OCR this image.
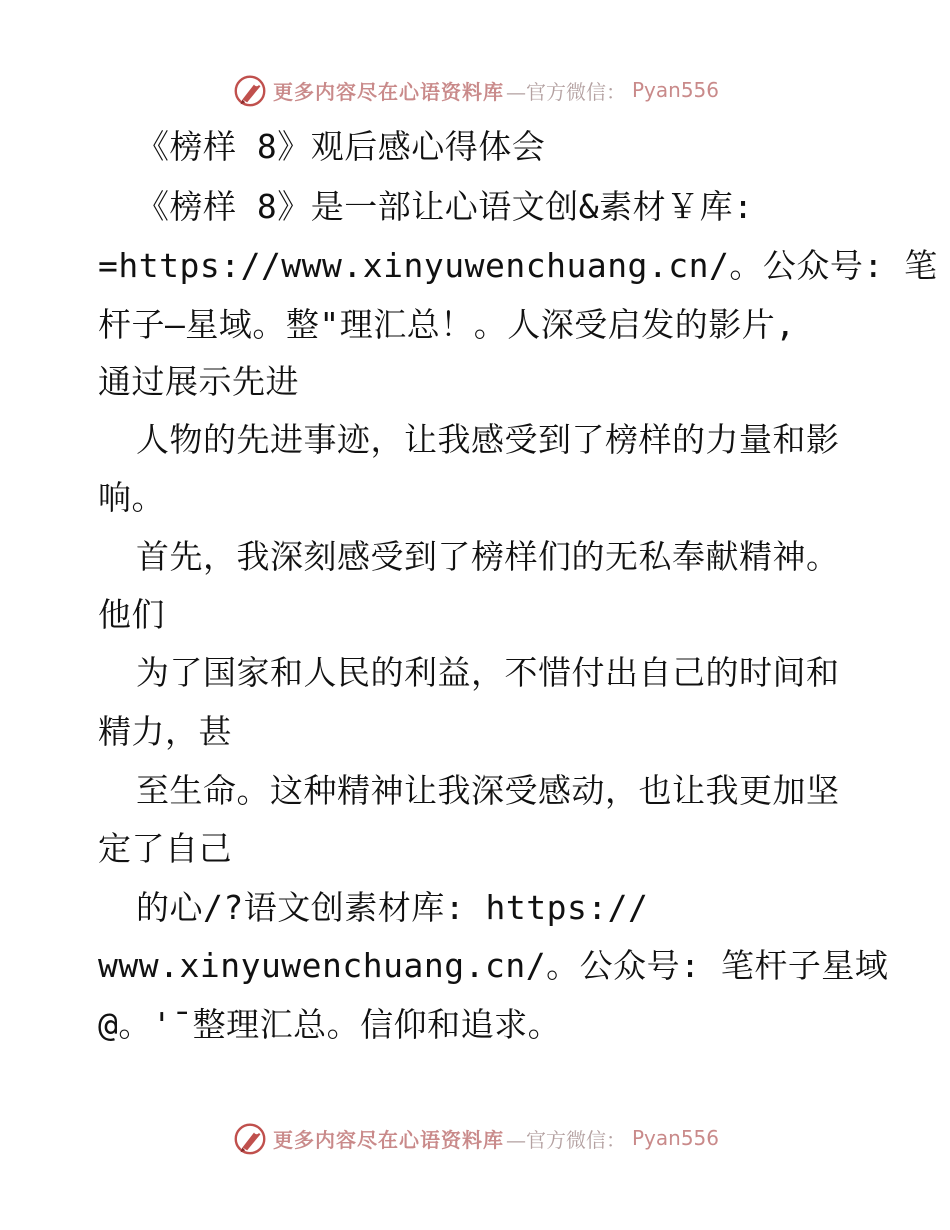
更多内容尽在心语资料库 —官方微信： Pyan556
《榜样 8》观后感心得体会
《榜样 8》是一部让心语文创&素材￥库:
=https://www.xinyuwenchuang.cn/。公众号: 笔
杆子—星域。整"理汇总！。人深受启发的影片,
通过展示先进
人物的先进事迹，让我感受到了榜样的力量和影
响。
首先，我深刻感受到了榜样们的无私奉献精神。
他们
为了国家和人民的利益，不惜付出自己的时间和
精力，甚
至生命。这种精神让我深受感动，也让我更加坚
定了自己
的心/?语文创素材库: https://
www.xinyuwenchuang.cn/。公众号: 笔杆子星域
@。'¯整理汇总。信仰和追求。
更多内容尽在心语资料库 —官方微信： Pyan556
